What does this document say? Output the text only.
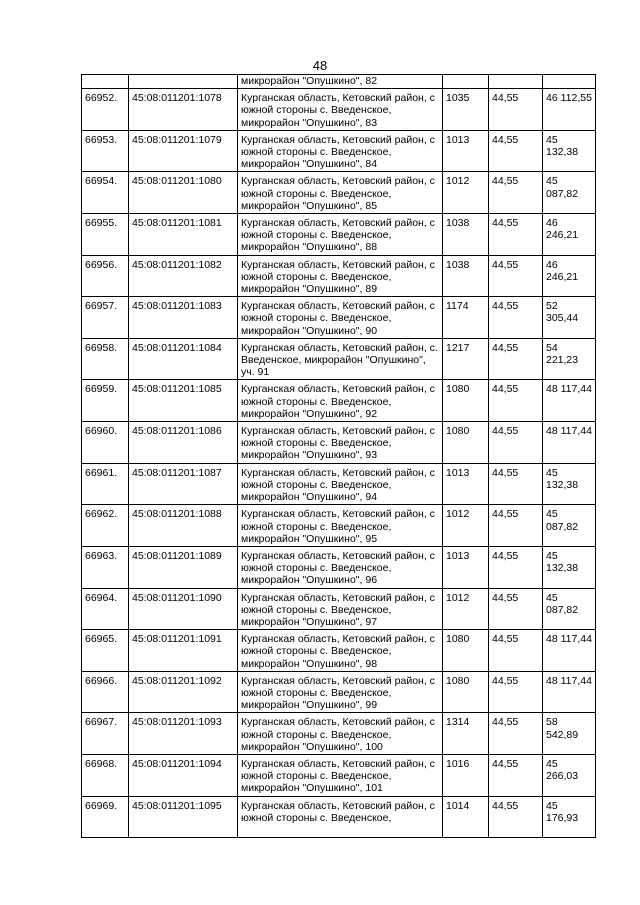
48
		микрорайон "Опушкино", 82			
66952.	45:08:011201:1078	Курганская область, Кетовский район, с южной стороны с. Введенское, микрорайон "Опушкино", 83	1035	44,55	46 112,55
66953.	45:08:011201:1079	Курганская область, Кетовский район, с южной стороны с. Введенское, микрорайон "Опушкино", 84	1013	44,55	45 132,38
66954.	45:08:011201:1080	Курганская область, Кетовский район, с южной стороны с. Введенское, микрорайон "Опушкино", 85	1012	44,55	45 087,82
66955.	45:08:011201:1081	Курганская область, Кетовский район, с южной стороны с. Введенское, микрорайон "Опушкино", 88	1038	44,55	46 246,21
66956.	45:08:011201:1082	Курганская область, Кетовский район, с южной стороны с. Введенское, микрорайон "Опушкино", 89	1038	44,55	46 246,21
66957.	45:08:011201:1083	Курганская область, Кетовский район, с южной стороны с. Введенское, микрорайон "Опушкино", 90	1174	44,55	52 305,44
66958.	45:08:011201:1084	Курганская область, Кетовский район, с. Введенское, микрорайон "Опушкино", уч. 91	1217	44,55	54 221,23
66959.	45:08:011201:1085	Курганская область, Кетовский район, с южной стороны с. Введенское, микрорайон "Опушкино", 92	1080	44,55	48 117,44
66960.	45:08:011201:1086	Курганская область, Кетовский район, с южной стороны с. Введенское, микрорайон "Опушкино", 93	1080	44,55	48 117,44
66961.	45:08:011201:1087	Курганская область, Кетовский район, с южной стороны с. Введенское, микрорайон "Опушкино", 94	1013	44,55	45 132,38
66962.	45:08:011201:1088	Курганская область, Кетовский район, с южной стороны с. Введенское, микрорайон "Опушкино", 95	1012	44,55	45 087,82
66963.	45:08:011201:1089	Курганская область, Кетовский район, с южной стороны с. Введенское, микрорайон "Опушкино", 96	1013	44,55	45 132,38
66964.	45:08:011201:1090	Курганская область, Кетовский район, с южной стороны с. Введенское, микрорайон "Опушкино", 97	1012	44,55	45 087,82
66965.	45:08:011201:1091	Курганская область, Кетовский район, с южной стороны с. Введенское, микрорайон "Опушкино", 98	1080	44,55	48 117,44
66966.	45:08:011201:1092	Курганская область, Кетовский район, с южной стороны с. Введенское, микрорайон "Опушкино", 99	1080	44,55	48 117,44
66967.	45:08:011201:1093	Курганская область, Кетовский район, с южной стороны с. Введенское, микрорайон "Опушкино", 100	1314	44,55	58 542,89
66968.	45:08:011201:1094	Курганская область, Кетовский район, с южной стороны с. Введенское, микрорайон "Опушкино", 101	1016	44,55	45 266,03
66969.	45:08:011201:1095	Курганская область, Кетовский район, с южной стороны с. Введенское,	1014	44,55	45 176,93
